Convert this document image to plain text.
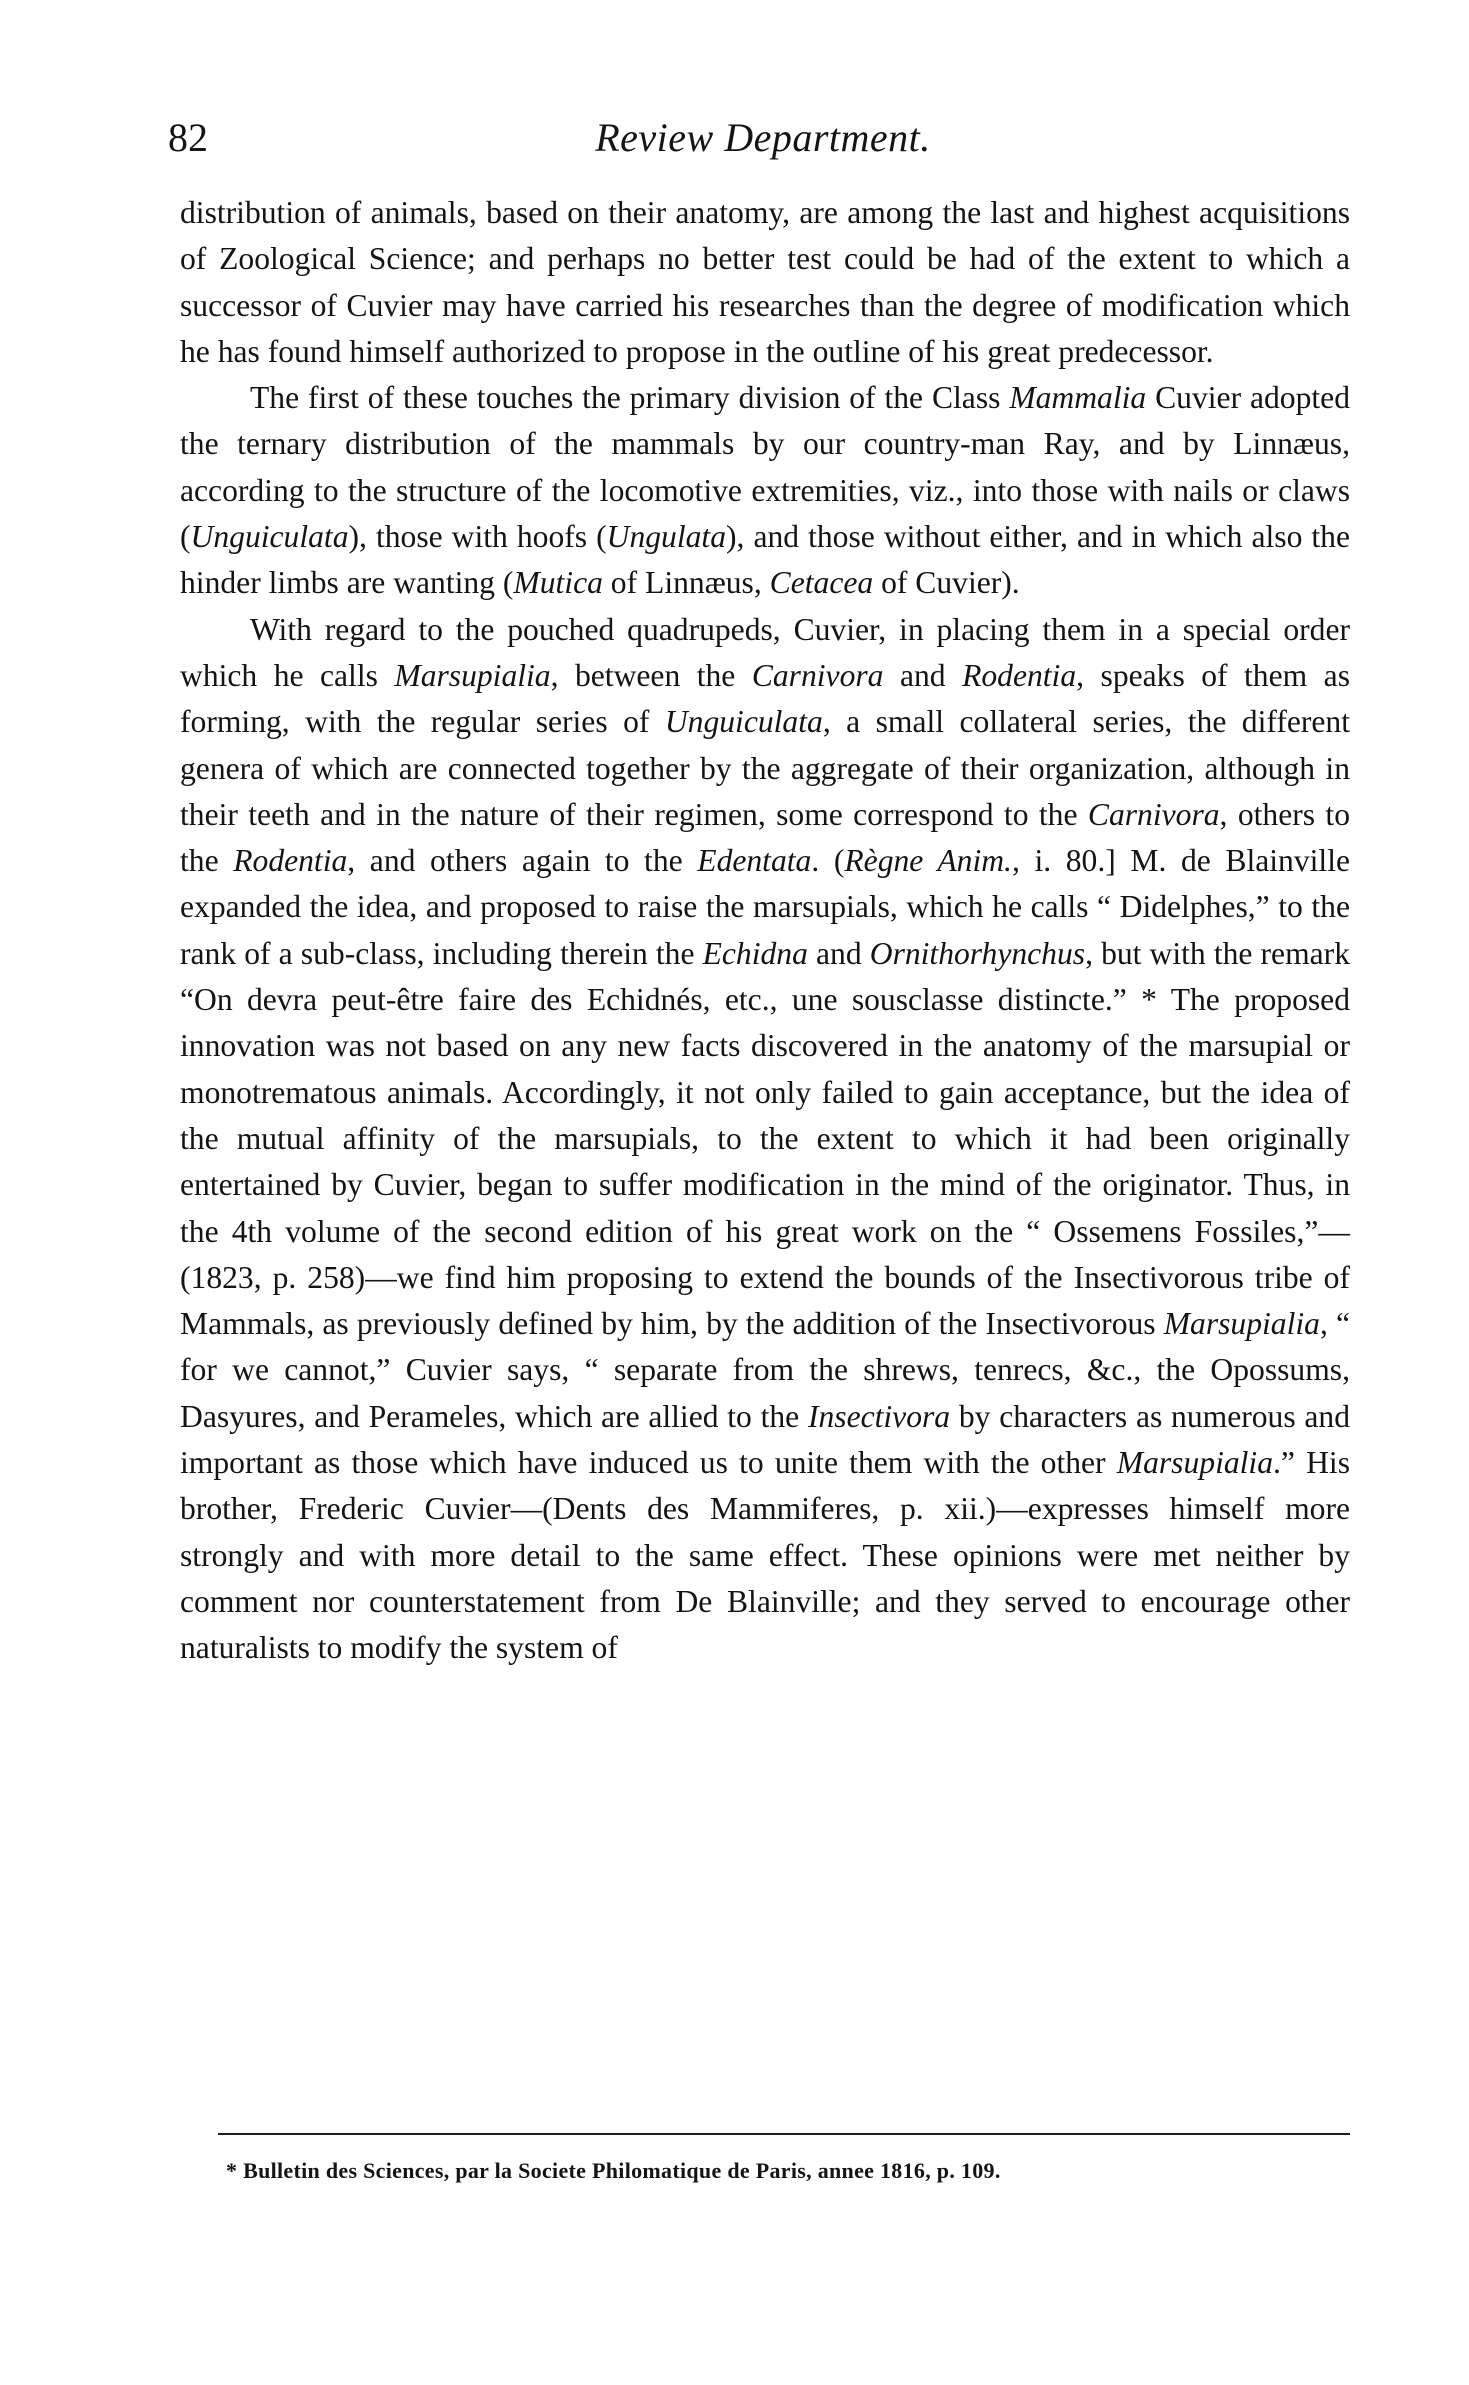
82	Review Department.

distribution of animals, based on their anatomy, are among the last and highest acquisitions of Zoological Science; and perhaps no better test could be had of the extent to which a successor of Cuvier may have carried his researches than the degree of modification which he has found himself authorized to propose in the outline of his great predecessor.

The first of these touches the primary division of the Class Mammalia Cuvier adopted the ternary distribution of the mammals by our country-man Ray, and by Linnæus, according to the structure of the locomotive extremities, viz., into those with nails or claws (Unguiculata), those with hoofs (Ungulata), and those without either, and in which also the hinder limbs are wanting (Mutica of Linnæus, Cetacea of Cuvier).

With regard to the pouched quadrupeds, Cuvier, in placing them in a special order which he calls Marsupialia, between the Carnivora and Rodentia, speaks of them as forming, with the regular series of Unguiculata, a small collateral series, the different genera of which are connected together by the aggregate of their organization, although in their teeth and in the nature of their regimen, some correspond to the Carnivora, others to the Rodentia, and others again to the Edentata. (Règne Anim., i. 80.] M. de Blainville expanded the idea, and proposed to raise the marsupials, which he calls “ Didelphes,” to the rank of a sub-class, including therein the Echidna and Ornithorhynchus, but with the remark “On devra peut-être faire des Echidnés, etc., une sousclasse distincte.” * The proposed innovation was not based on any new facts discovered in the anatomy of the marsupial or monotrematous animals. Accordingly, it not only failed to gain acceptance, but the idea of the mutual affinity of the marsupials, to the extent to which it had been originally entertained by Cuvier, began to suffer modification in the mind of the originator. Thus, in the 4th volume of the second edition of his great work on the “ Ossemens Fossiles,”—(1823, p. 258)—we find him proposing to extend the bounds of the Insectivorous tribe of Mammals, as previously defined by him, by the addition of the Insectivorous Marsupialia, “ for we cannot,” Cuvier says, “ separate from the shrews, tenrecs, &c., the Opossums, Dasyures, and Perameles, which are allied to the Insectivora by characters as numerous and important as those which have induced us to unite them with the other Marsupialia.” His brother, Frederic Cuvier—(Dents des Mammiferes, p. xii.)—expresses himself more strongly and with more detail to the same effect. These opinions were met neither by comment nor counterstatement from De Blainville; and they served to encourage other naturalists to modify the system of

* Bulletin des Sciences, par la Societe Philomatique de Paris, annee 1816, p. 109.
